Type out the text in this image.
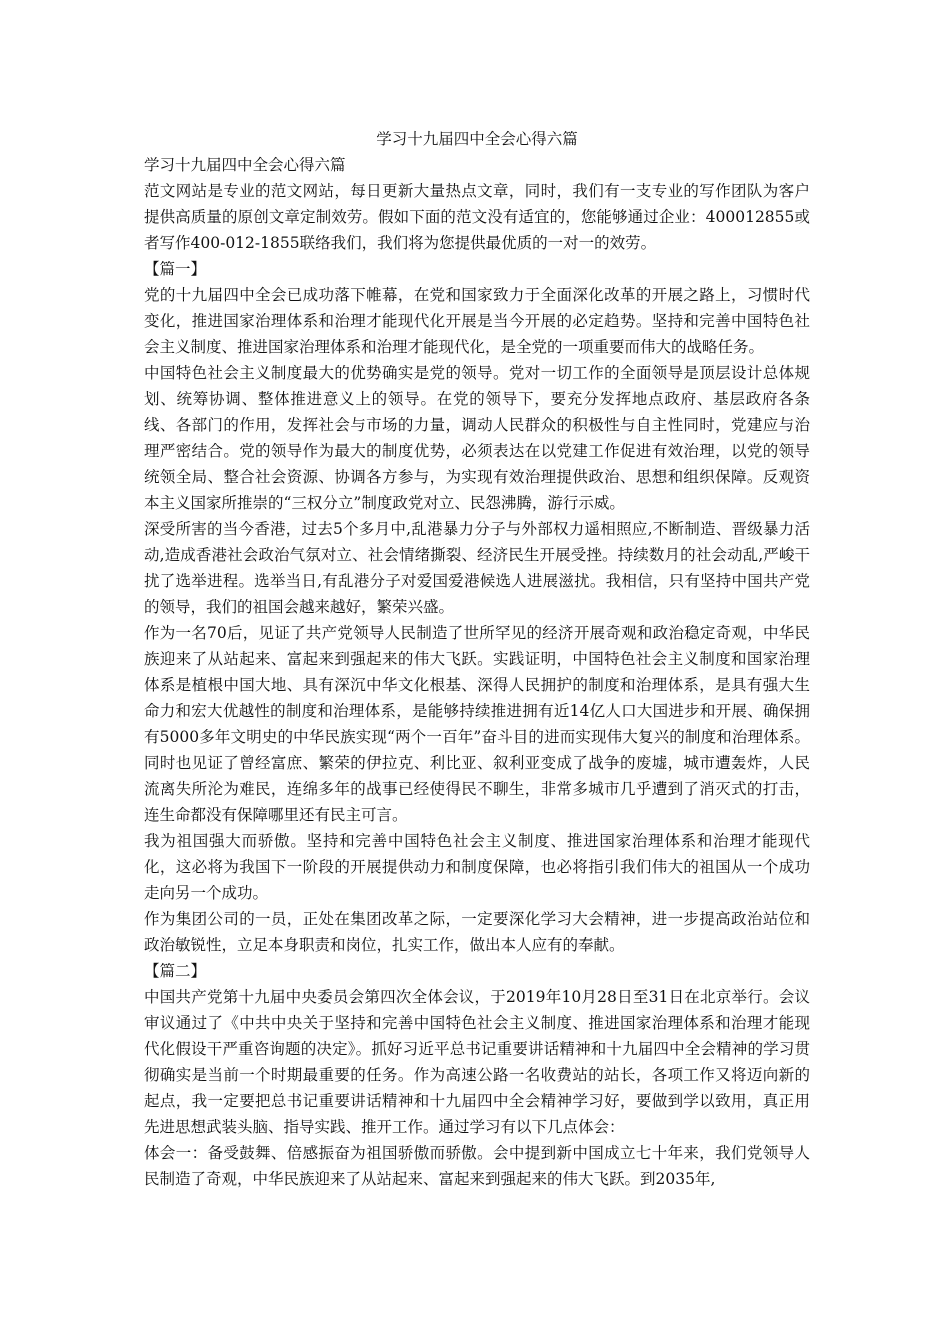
学习十九届四中全会心得六篇

学习十九届四中全会心得六篇

范文网站是专业的范文网站，每日更新大量热点文章，同时，我们有一支专业的写作团队为客户提供高质量的原创文章定制效劳。假如下面的范文没有适宜的，您能够通过企业：400012855或者写作400-012-1855联络我们，我们将为您提供最优质的一对一的效劳。

【篇一】

党的十九届四中全会已成功落下帷幕，在党和国家致力于全面深化改革的开展之路上，习惯时代变化，推进国家治理体系和治理才能现代化开展是当今开展的必定趋势。坚持和完善中国特色社会主义制度、推进国家治理体系和治理才能现代化，是全党的一项重要而伟大的战略任务。

中国特色社会主义制度最大的优势确实是党的领导。党对一切工作的全面领导是顶层设计总体规划、统筹协调、整体推进意义上的领导。在党的领导下，要充分发挥地点政府、基层政府各条线、各部门的作用，发挥社会与市场的力量，调动人民群众的积极性与自主性同时，党建应与治理严密结合。党的领导作为最大的制度优势，必须表达在以党建工作促进有效治理，以党的领导统领全局、整合社会资源、协调各方参与，为实现有效治理提供政治、思想和组织保障。反观资本主义国家所推崇的“三权分立”制度政党对立、民怨沸腾，游行示威。

深受所害的当今香港，过去5个多月中,乱港暴力分子与外部权力遥相照应,不断制造、晋级暴力活动,造成香港社会政治气氛对立、社会情绪撕裂、经济民生开展受挫。持续数月的社会动乱,严峻干扰了选举进程。选举当日,有乱港分子对爱国爱港候选人进展滋扰。我相信，只有坚持中国共产党的领导，我们的祖国会越来越好，繁荣兴盛。

作为一名70后，见证了共产党领导人民制造了世所罕见的经济开展奇观和政治稳定奇观，中华民族迎来了从站起来、富起来到强起来的伟大飞跃。实践证明，中国特色社会主义制度和国家治理体系是植根中国大地、具有深沉中华文化根基、深得人民拥护的制度和治理体系，是具有强大生命力和宏大优越性的制度和治理体系，是能够持续推进拥有近14亿人口大国进步和开展、确保拥有5000多年文明史的中华民族实现“两个一百年”奋斗目的进而实现伟大复兴的制度和治理体系。同时也见证了曾经富庶、繁荣的伊拉克、利比亚、叙利亚变成了战争的废墟，城市遭轰炸，人民流离失所沦为难民，连绵多年的战事已经使得民不聊生，非常多城市几乎遭到了消灭式的打击，连生命都没有保障哪里还有民主可言。

我为祖国强大而骄傲。坚持和完善中国特色社会主义制度、推进国家治理体系和治理才能现代化，这必将为我国下一阶段的开展提供动力和制度保障，也必将指引我们伟大的祖国从一个成功走向另一个成功。

作为集团公司的一员，正处在集团改革之际，一定要深化学习大会精神，进一步提高政治站位和政治敏锐性，立足本身职责和岗位，扎实工作，做出本人应有的奉献。

【篇二】

中国共产党第十九届中央委员会第四次全体会议，于2019年10月28日至31日在北京举行。会议审议通过了《中共中央关于坚持和完善中国特色社会主义制度、推进国家治理体系和治理才能现代化假设干严重咨询题的决定》。抓好习近平总书记重要讲话精神和十九届四中全会精神的学习贯彻确实是当前一个时期最重要的任务。作为高速公路一名收费站的站长，各项工作又将迈向新的起点，我一定要把总书记重要讲话精神和十九届四中全会精神学习好，要做到学以致用，真正用先进思想武装头脑、指导实践、推开工作。通过学习有以下几点体会：

体会一：备受鼓舞、倍感振奋为祖国骄傲而骄傲。会中提到新中国成立七十年来，我们党领导人民制造了奇观，中华民族迎来了从站起来、富起来到强起来的伟大飞跃。到2035年,
